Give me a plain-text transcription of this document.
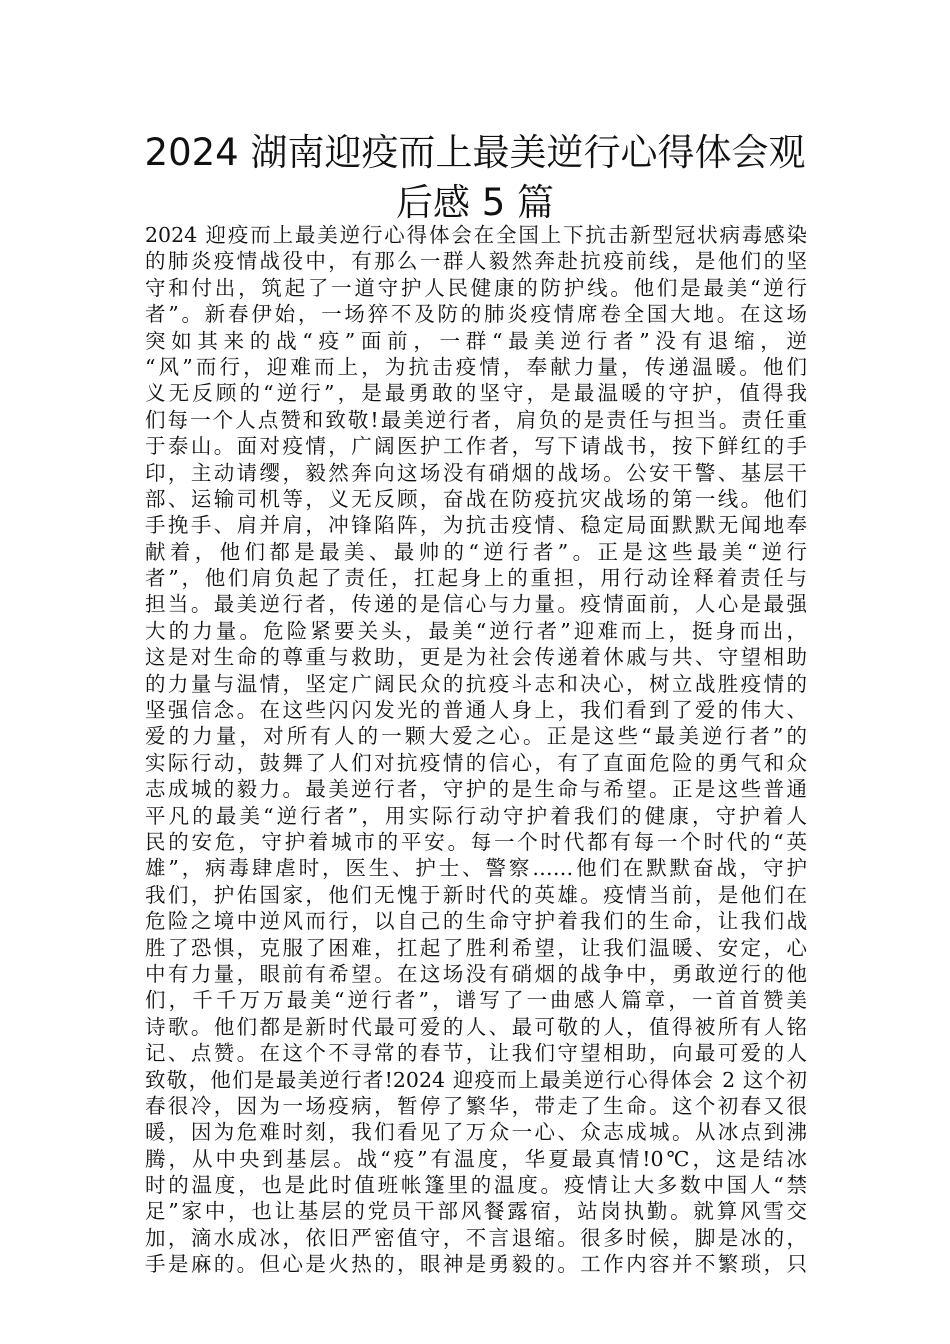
2024 湖南迎疫而上最美逆行心得体会观
后感 5 篇
2024 迎疫而上最美逆行心得体会在全国上下抗击新型冠状病毒感染
的肺炎疫情战役中，有那么一群人毅然奔赴抗疫前线，是他们的坚
守和付出，筑起了一道守护人民健康的防护线。他们是最美“逆行
者”。新春伊始，一场猝不及防的肺炎疫情席卷全国大地。在这场
突如其来的战“疫”面前，一群“最美逆行者”没有退缩，逆
“风”而行，迎难而上，为抗击疫情，奉献力量，传递温暖。他们
义无反顾的“逆行”，是最勇敢的坚守，是最温暖的守护，值得我
们每一个人点赞和致敬!最美逆行者，肩负的是责任与担当。责任重
于泰山。面对疫情，广阔医护工作者，写下请战书，按下鲜红的手
印，主动请缨，毅然奔向这场没有硝烟的战场。公安干警、基层干
部、运输司机等，义无反顾，奋战在防疫抗灾战场的第一线。他们
手挽手、肩并肩，冲锋陷阵，为抗击疫情、稳定局面默默无闻地奉
献着，他们都是最美、最帅的“逆行者”。正是这些最美“逆行
者”，他们肩负起了责任，扛起身上的重担，用行动诠释着责任与
担当。最美逆行者，传递的是信心与力量。疫情面前，人心是最强
大的力量。危险紧要关头，最美“逆行者”迎难而上，挺身而出，
这是对生命的尊重与救助，更是为社会传递着休戚与共、守望相助
的力量与温情，坚定广阔民众的抗疫斗志和决心，树立战胜疫情的
坚强信念。在这些闪闪发光的普通人身上，我们看到了爱的伟大、
爱的力量，对所有人的一颗大爱之心。正是这些“最美逆行者”的
实际行动，鼓舞了人们对抗疫情的信心，有了直面危险的勇气和众
志成城的毅力。最美逆行者，守护的是生命与希望。正是这些普通
平凡的最美“逆行者”，用实际行动守护着我们的健康，守护着人
民的安危，守护着城市的平安。每一个时代都有每一个时代的“英
雄”，病毒肆虐时，医生、护士、警察……他们在默默奋战，守护
我们，护佑国家，他们无愧于新时代的英雄。疫情当前，是他们在
危险之境中逆风而行，以自己的生命守护着我们的生命，让我们战
胜了恐惧，克服了困难，扛起了胜利希望，让我们温暖、安定，心
中有力量，眼前有希望。在这场没有硝烟的战争中，勇敢逆行的他
们，千千万万最美“逆行者”，谱写了一曲感人篇章，一首首赞美
诗歌。他们都是新时代最可爱的人、最可敬的人，值得被所有人铭
记、点赞。在这个不寻常的春节，让我们守望相助，向最可爱的人
致敬，他们是最美逆行者!2024 迎疫而上最美逆行心得体会 2 这个初
春很冷，因为一场疫病，暂停了繁华，带走了生命。这个初春又很
暖，因为危难时刻，我们看见了万众一心、众志成城。从冰点到沸
腾，从中央到基层。战“疫”有温度，华夏最真情!0℃，这是结冰
时的温度，也是此时值班帐篷里的温度。疫情让大多数中国人“禁
足”家中，也让基层的党员干部风餐露宿，站岗执勤。就算风雪交
加，滴水成冰，依旧严密值守，不言退缩。很多时候，脚是冰的，
手是麻的。但心是火热的，眼神是勇毅的。工作内容并不繁琐，只
